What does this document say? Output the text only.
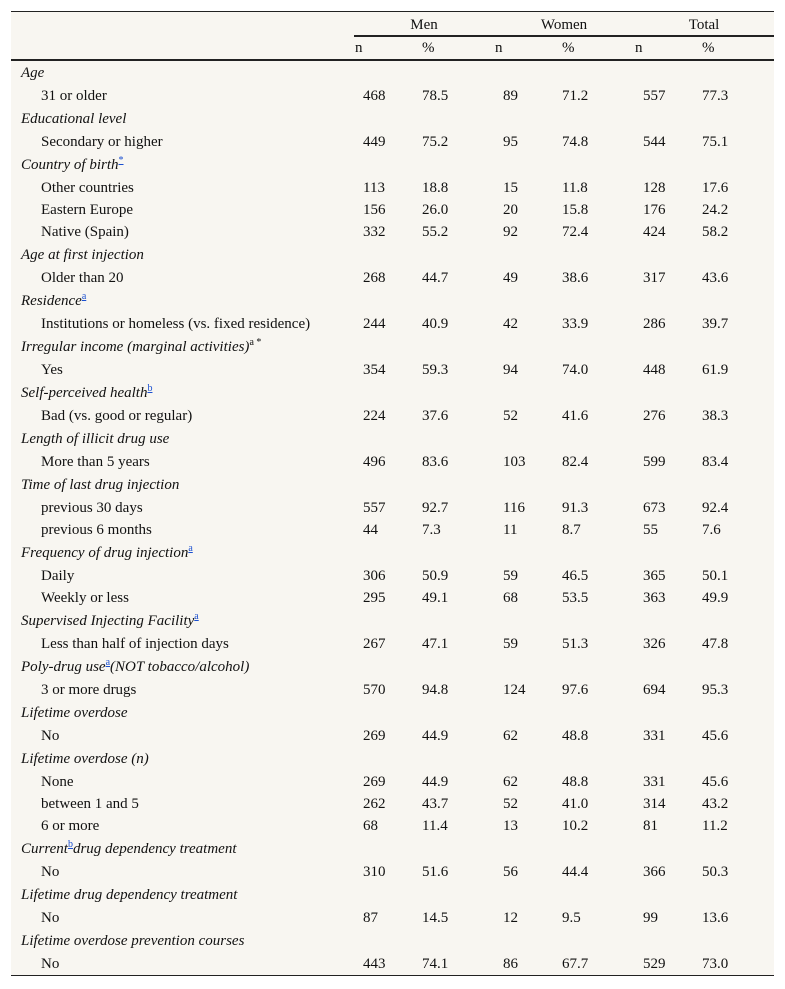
	Men		Women		Total	
	n	%	n	%	n	%
Age						
31 or older	468	78.5	89	71.2	557	77.3
Educational level						
Secondary or higher	449	75.2	95	74.8	544	75.1
Country of birth*						
Other countries	113	18.8	15	11.8	128	17.6
Eastern Europe	156	26.0	20	15.8	176	24.2
Native (Spain)	332	55.2	92	72.4	424	58.2
Age at first injection						
Older than 20	268	44.7	49	38.6	317	43.6
Residence$^a$						
Institutions or homeless (vs. fixed residence)	244	40.9	42	33.9	286	39.7
Irregular income (marginal activities)$^{a *}$						
Yes	354	59.3	94	74.0	448	61.9
Self-perceived health$^b$						
Bad (vs. good or regular)	224	37.6	52	41.6	276	38.3
Length of illicit drug use						
More than 5 years	496	83.6	103	82.4	599	83.4
Time of last drug injection						
previous 30 days	557	92.7	116	91.3	673	92.4
previous 6 months	44	7.3	11	8.7	55	7.6
Frequency of drug injection$^a$						
Daily	306	50.9	59	46.5	365	50.1
Weekly or less	295	49.1	68	53.5	363	49.9
Supervised Injecting Facility$^a$						
Less than half of injection days	267	47.1	59	51.3	326	47.8
Poly-drug use$^a$(NOT tobacco/alcohol)						
3 or more drugs	570	94.8	124	97.6	694	95.3
Lifetime overdose						
No	269	44.9	62	48.8	331	45.6
Lifetime overdose (n)						
None	269	44.9	62	48.8	331	45.6
between 1 and 5	262	43.7	52	41.0	314	43.2
6 or more	68	11.4	13	10.2	81	11.2
Current$^b$drug dependency treatment						
No	310	51.6	56	44.4	366	50.3
Lifetime drug dependency treatment						
No	87	14.5	12	9.5	99	13.6
Lifetime overdose prevention courses						
No	443	74.1	86	67.7	529	73.0
